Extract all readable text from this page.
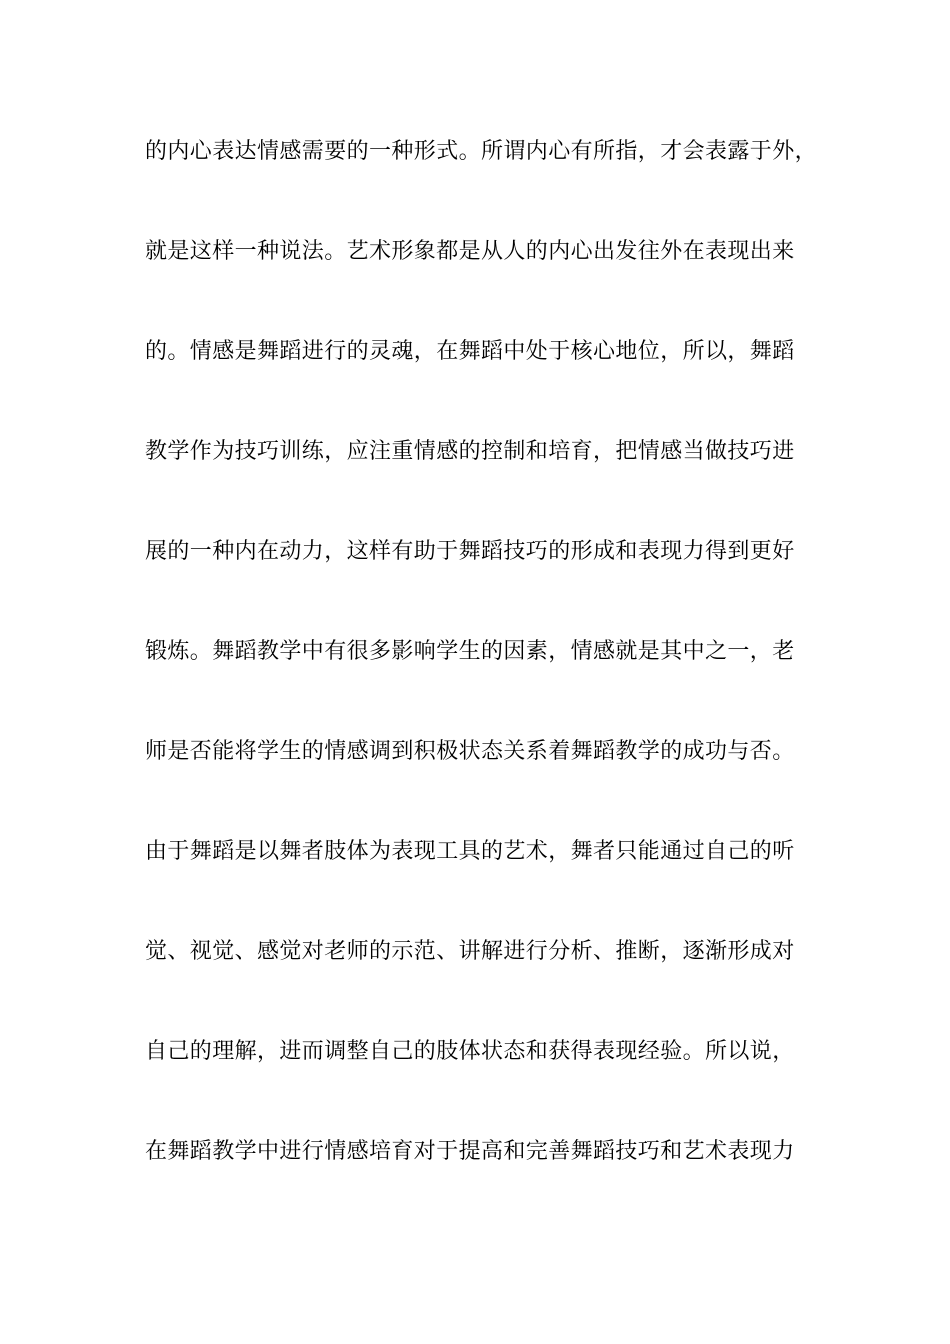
的内心表达情感需要的一种形式。所谓内心有所指，才会表露于外，
就是这样一种说法。艺术形象都是从人的内心出发往外在表现出来
的。情感是舞蹈进行的灵魂，在舞蹈中处于核心地位，所以，舞蹈
教学作为技巧训练，应注重情感的控制和培育，把情感当做技巧进
展的一种内在动力，这样有助于舞蹈技巧的形成和表现力得到更好
锻炼。舞蹈教学中有很多影响学生的因素，情感就是其中之一，老
师是否能将学生的情感调到积极状态关系着舞蹈教学的成功与否。
由于舞蹈是以舞者肢体为表现工具的艺术，舞者只能通过自己的听
觉、视觉、感觉对老师的示范、讲解进行分析、推断，逐渐形成对
自己的理解，进而调整自己的肢体状态和获得表现经验。所以说，
在舞蹈教学中进行情感培育对于提高和完善舞蹈技巧和艺术表现力
